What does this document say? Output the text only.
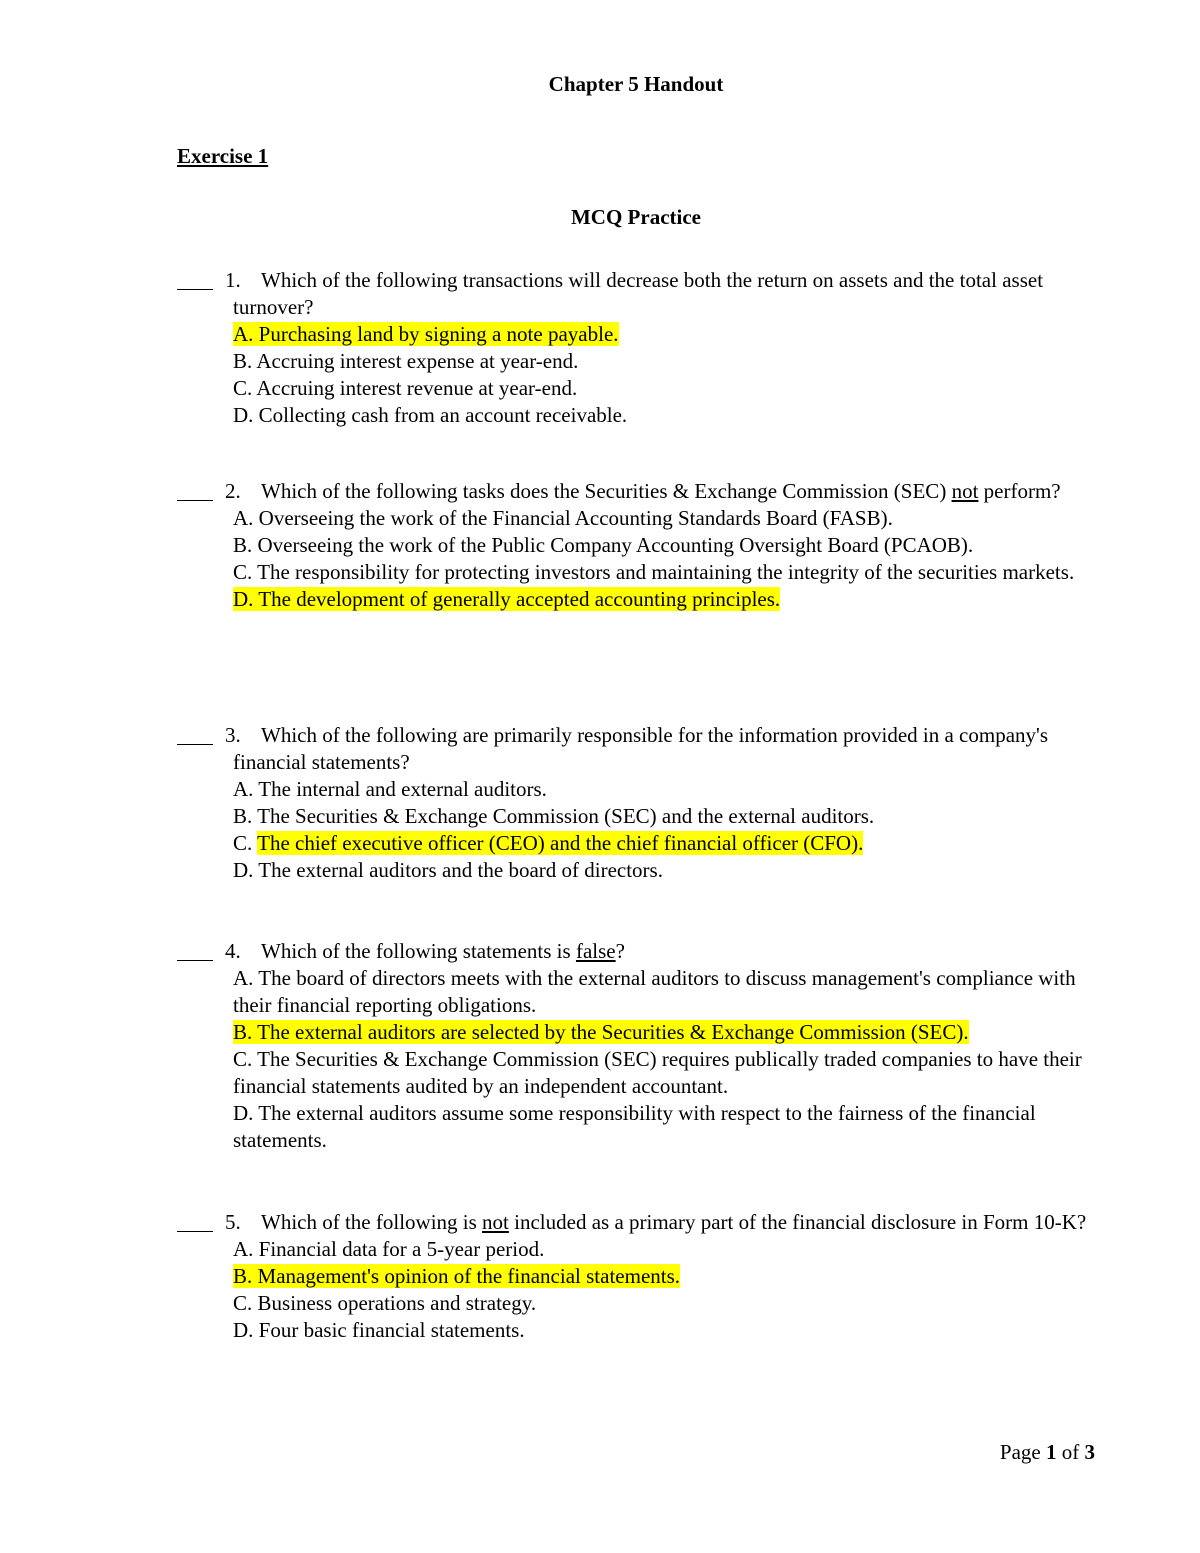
Chapter 5 Handout
Exercise 1
MCQ Practice
1. Which of the following transactions will decrease both the return on assets and the total asset turnover?
A. Purchasing land by signing a note payable.
B. Accruing interest expense at year-end.
C. Accruing interest revenue at year-end.
D. Collecting cash from an account receivable.
2. Which of the following tasks does the Securities & Exchange Commission (SEC) not perform?
A. Overseeing the work of the Financial Accounting Standards Board (FASB).
B. Overseeing the work of the Public Company Accounting Oversight Board (PCAOB).
C. The responsibility for protecting investors and maintaining the integrity of the securities markets.
D. The development of generally accepted accounting principles.
3. Which of the following are primarily responsible for the information provided in a company's financial statements?
A. The internal and external auditors.
B. The Securities & Exchange Commission (SEC) and the external auditors.
C. The chief executive officer (CEO) and the chief financial officer (CFO).
D. The external auditors and the board of directors.
4. Which of the following statements is false?
A. The board of directors meets with the external auditors to discuss management's compliance with their financial reporting obligations.
B. The external auditors are selected by the Securities & Exchange Commission (SEC).
C. The Securities & Exchange Commission (SEC) requires publically traded companies to have their financial statements audited by an independent accountant.
D. The external auditors assume some responsibility with respect to the fairness of the financial statements.
5. Which of the following is not included as a primary part of the financial disclosure in Form 10-K?
A. Financial data for a 5-year period.
B. Management's opinion of the financial statements.
C. Business operations and strategy.
D. Four basic financial statements.
Page 1 of 3
